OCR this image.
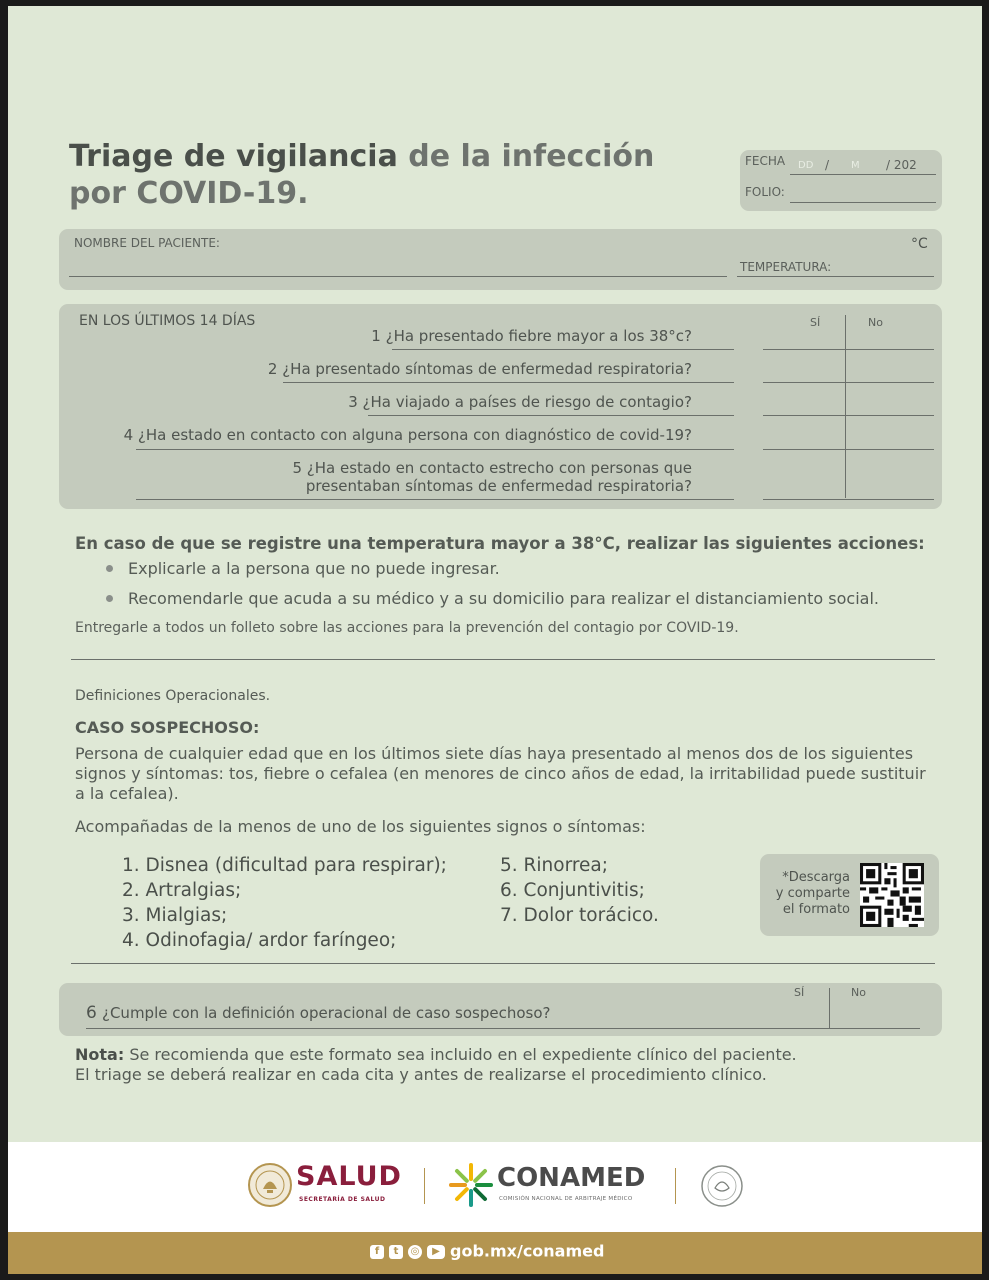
Triage de vigilancia de la infección
por COVID-19.
FECHA DD / M / 202
FOLIO:
NOMBRE DEL PACIENTE:	°C
TEMPERATURA:
EN LOS ÚLTIMOS 14 DÍAS	SÍ	No
1 ¿Ha presentado fiebre mayor a los 38°c?
2 ¿Ha presentado síntomas de enfermedad respiratoria?
3 ¿Ha viajado a países de riesgo de contagio?
4 ¿Ha estado en contacto con alguna persona con diagnóstico de covid-19?
5 ¿Ha estado en contacto estrecho con personas que
presentaban síntomas de enfermedad respiratoria?
En caso de que se registre una temperatura mayor a 38°C, realizar las siguientes acciones:
Explicarle a la persona que no puede ingresar.
Recomendarle que acuda a su médico y a su domicilio para realizar el distanciamiento social.
Entregarle a todos un folleto sobre las acciones para la prevención del contagio por COVID-19.
Definiciones Operacionales.
CASO SOSPECHOSO:
Persona de cualquier edad que en los últimos siete días haya presentado al menos dos de los siguientes
signos y síntomas: tos, fiebre o cefalea (en menores de cinco años de edad, la irritabilidad puede sustituir
a la cefalea).
Acompañadas de la menos de uno de los siguientes signos o síntomas:
1. Disnea (dificultad para respirar);
2. Artralgias;
3. Mialgias;
4. Odinofagia/ ardor faríngeo;
5. Rinorrea;
6. Conjuntivitis;
7. Dolor torácico.
*Descarga
y comparte
el formato
SÍ	No
6 ¿Cumple con la definición operacional de caso sospechoso?
Nota: Se recomienda que este formato sea incluido en el expediente clínico del paciente.
El triage se deberá realizar en cada cita y antes de realizarse el procedimiento clínico.
SALUD
SECRETARÍA DE SALUD
CONAMED
COMISIÓN NACIONAL DE ARBITRAJE MÉDICO
f t ◎ ▶ gob.mx/conamed
